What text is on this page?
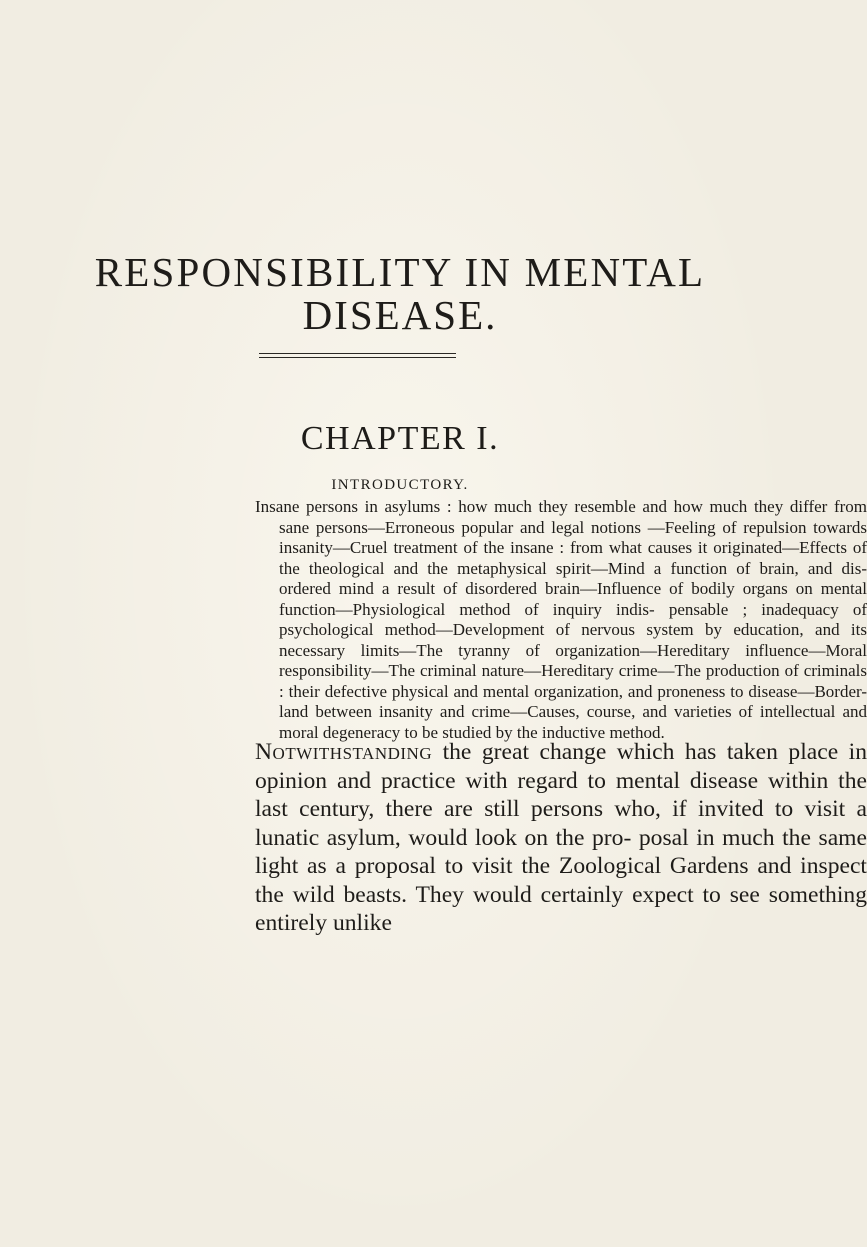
RESPONSIBILITY IN MENTAL
DISEASE.
CHAPTER I.
INTRODUCTORY.

Insane persons in asylums : how much they resemble and how much they differ from sane persons—Erroneous popular and legal notions —Feeling of repulsion towards insanity—Cruel treatment of the insane : from what causes it originated—Effects of the theological and the metaphysical spirit—Mind a function of brain, and dis- ordered mind a result of disordered brain—Influence of bodily organs on mental function—Physiological method of inquiry indis- pensable ; inadequacy of psychological method—Development of nervous system by education, and its necessary limits—The tyranny of organization—Hereditary influence—Moral responsibility—The criminal nature—Hereditary crime—The production of criminals : their defective physical and mental organization, and proneness to disease—Border-land between insanity and crime—Causes, course, and varieties of intellectual and moral degeneracy to be studied by the inductive method.

Notwithstanding the great change which has taken place in opinion and practice with regard to mental disease within the last century, there are still persons who, if invited to visit a lunatic asylum, would look on the pro- posal in much the same light as a proposal to visit the Zoological Gardens and inspect the wild beasts. They would certainly expect to see something entirely unlike
